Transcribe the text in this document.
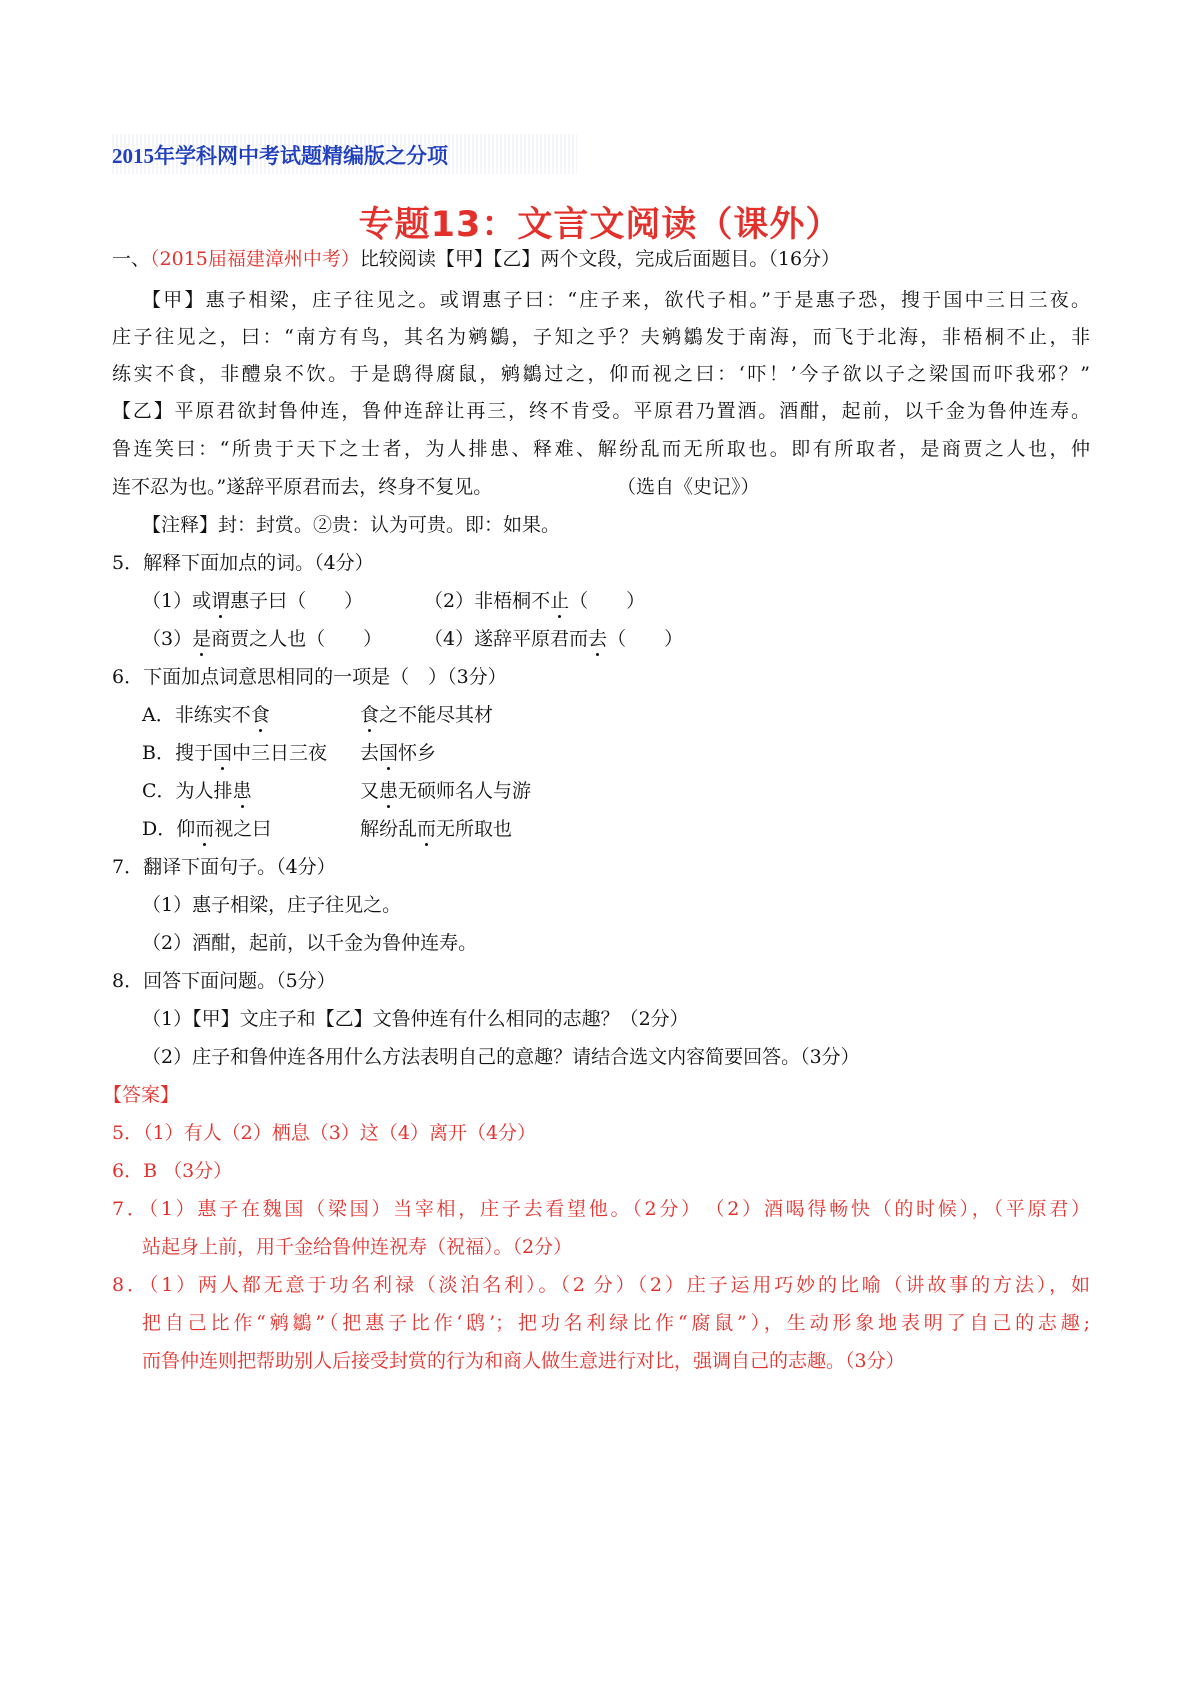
2015年学科网中考试题精编版之分项
专题13：文言文阅读（课外）
一、（2015届福建漳州中考）比较阅读【甲】【乙】两个文段，完成后面题目。（16分）
【甲】惠子相梁，庄子往见之。或谓惠子曰：“庄子来，欲代子相。”于是惠子恐，搜于国中三日三夜。
庄子往见之，曰：“南方有鸟，其名为鹓鶵，子知之乎？夫鹓鶵发于南海，而飞于北海，非梧桐不止，非
练实不食，非醴泉不饮。于是鸱得腐鼠，鹓鶵过之，仰而视之曰：‘吓！’今子欲以子之梁国而吓我邪？”
【乙】平原君欲封鲁仲连，鲁仲连辞让再三，终不肯受。平原君乃置酒。酒酣，起前，以千金为鲁仲连寿。
鲁连笑曰：“所贵于天下之士者，为人排患、释难、解纷乱而无所取也。即有所取者，是商贾之人也，仲
连不忍为也。”遂辞平原君而去，终身不复见。	（选自《史记》）
【注释】封：封赏。②贵：认为可贵。即：如果。
5．解释下面加点的词。（4分）
（1）或谓惠子曰（　　）	（2）非梧桐不止（　　）
（3）是商贾之人也（　　） （4）遂辞平原君而去（　　）
6．下面加点词意思相同的一项是（　）（3分）
A．非练实不食	食之不能尽其材
B．搜于国中三日三夜 去国怀乡
C．为人排患	又患无硕师名人与游
D．仰而视之曰	解纷乱而无所取也
7．翻译下面句子。（4分）
（1）惠子相梁，庄子往见之。
（2）酒酣，起前，以千金为鲁仲连寿。
8．回答下面问题。（5分）
（1）【甲】文庄子和【乙】文鲁仲连有什么相同的志趣？（2分）
（2）庄子和鲁仲连各用什么方法表明自己的意趣？请结合选文内容简要回答。（3分）
【答案】
5．（1）有人（2）栖息（3）这（4）离开（4分）
6．B （3分）
7．（1）惠子在魏国（梁国）当宰相，庄子去看望他。（2分）　（2）酒喝得畅快（的时候），（平原君）
站起身上前，用千金给鲁仲连祝寿（祝福）。（2分）
8．（1）两人都无意于功名利禄（淡泊名利）。（2 分）（2）庄子运用巧妙的比喻（讲故事的方法），如
把自己比作“鹓鶵”（把惠子比作‘鸱’；把功名利绿比作“腐鼠”），生动形象地表明了自己的志趣;
而鲁仲连则把帮助别人后接受封赏的行为和商人做生意进行对比，强调自己的志趣。（3分）
